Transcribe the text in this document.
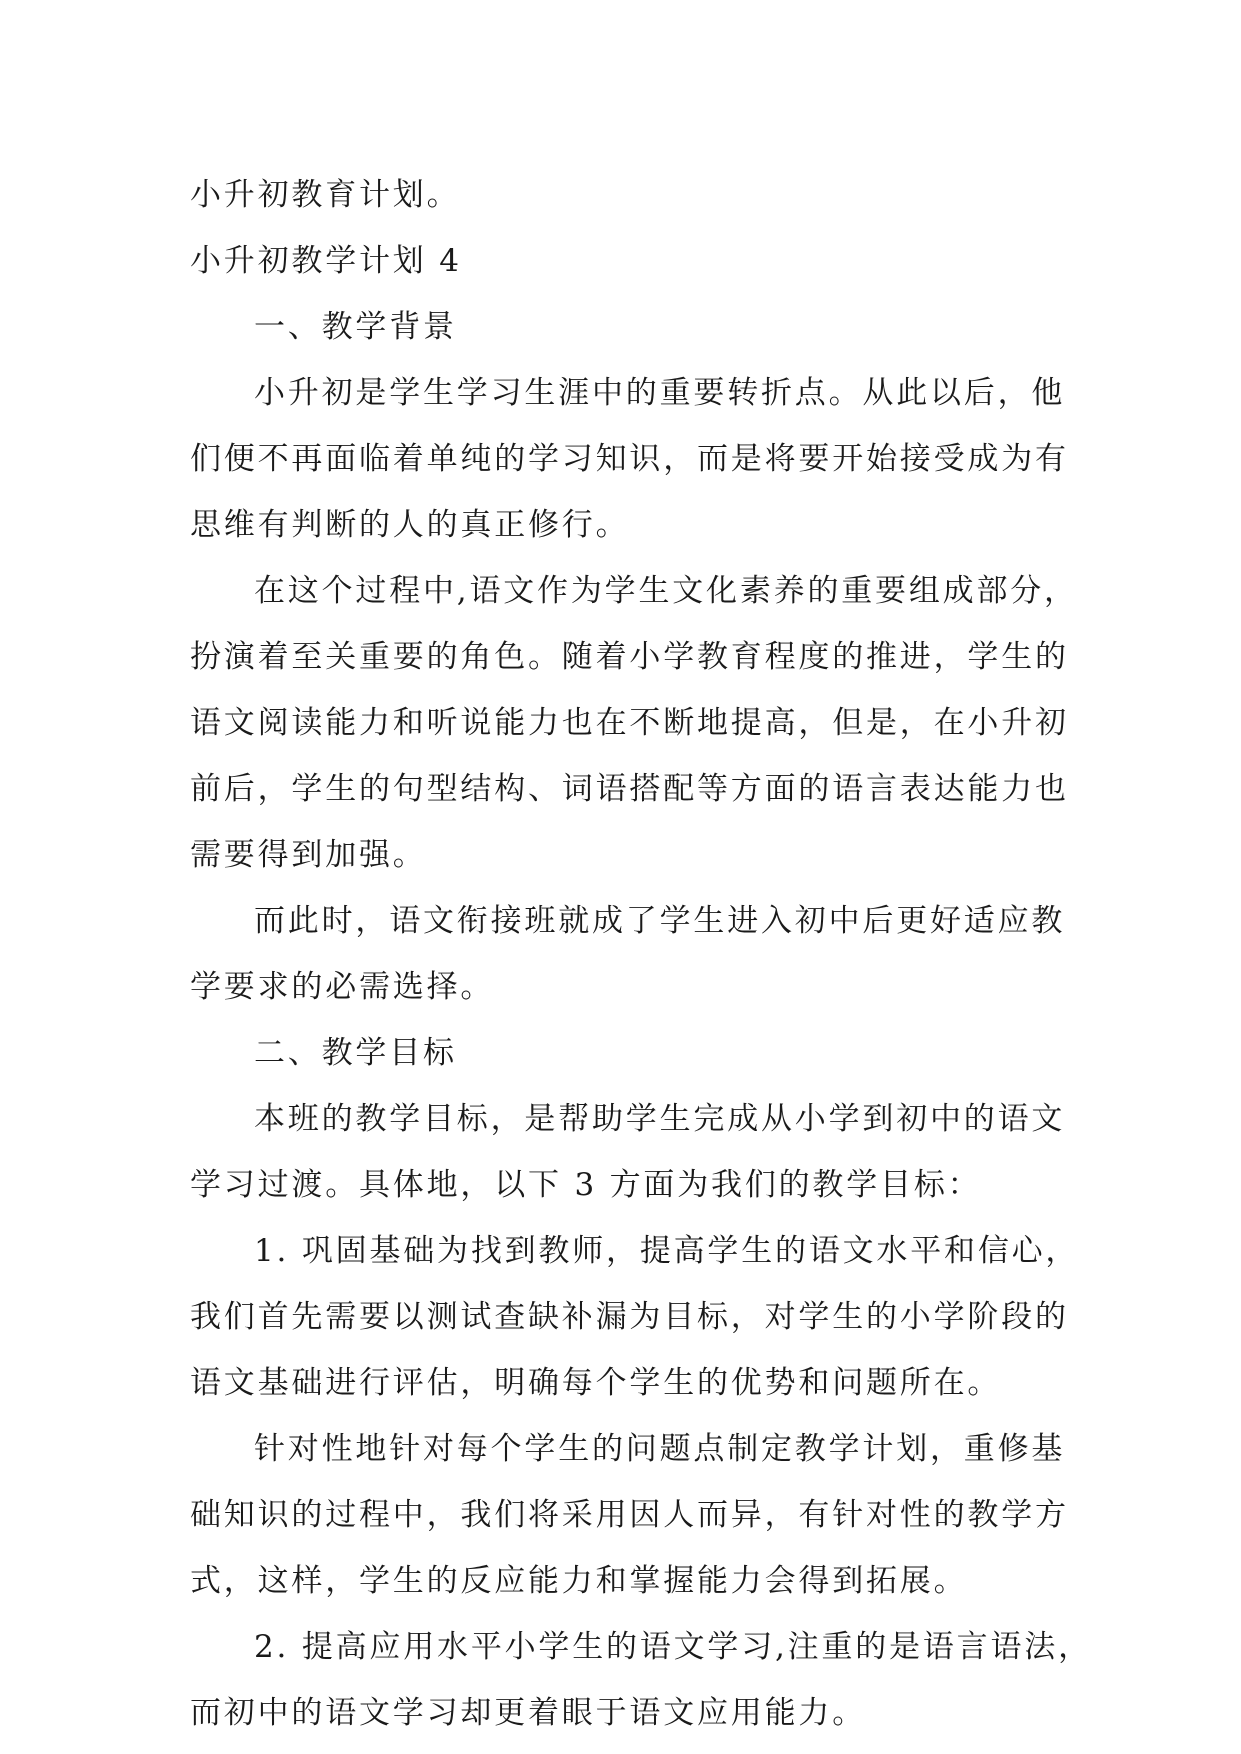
小升初教育计划。
小升初教学计划 4
一、教学背景
小升初是学生学习生涯中的重要转折点。从此以后，他
们便不再面临着单纯的学习知识，而是将要开始接受成为有
思维有判断的人的真正修行。
在这个过程中,语文作为学生文化素养的重要组成部分，
扮演着至关重要的角色。随着小学教育程度的推进，学生的
语文阅读能力和听说能力也在不断地提高，但是，在小升初
前后，学生的句型结构、词语搭配等方面的语言表达能力也
需要得到加强。
而此时，语文衔接班就成了学生进入初中后更好适应教
学要求的必需选择。
二、教学目标
本班的教学目标，是帮助学生完成从小学到初中的语文
学习过渡。具体地，以下 3 方面为我们的教学目标：
1. 巩固基础为找到教师，提高学生的语文水平和信心，
我们首先需要以测试查缺补漏为目标，对学生的小学阶段的
语文基础进行评估，明确每个学生的优势和问题所在。
针对性地针对每个学生的问题点制定教学计划，重修基
础知识的过程中，我们将采用因人而异，有针对性的教学方
式，这样，学生的反应能力和掌握能力会得到拓展。
2. 提高应用水平小学生的语文学习,注重的是语言语法，
而初中的语文学习却更着眼于语文应用能力。
